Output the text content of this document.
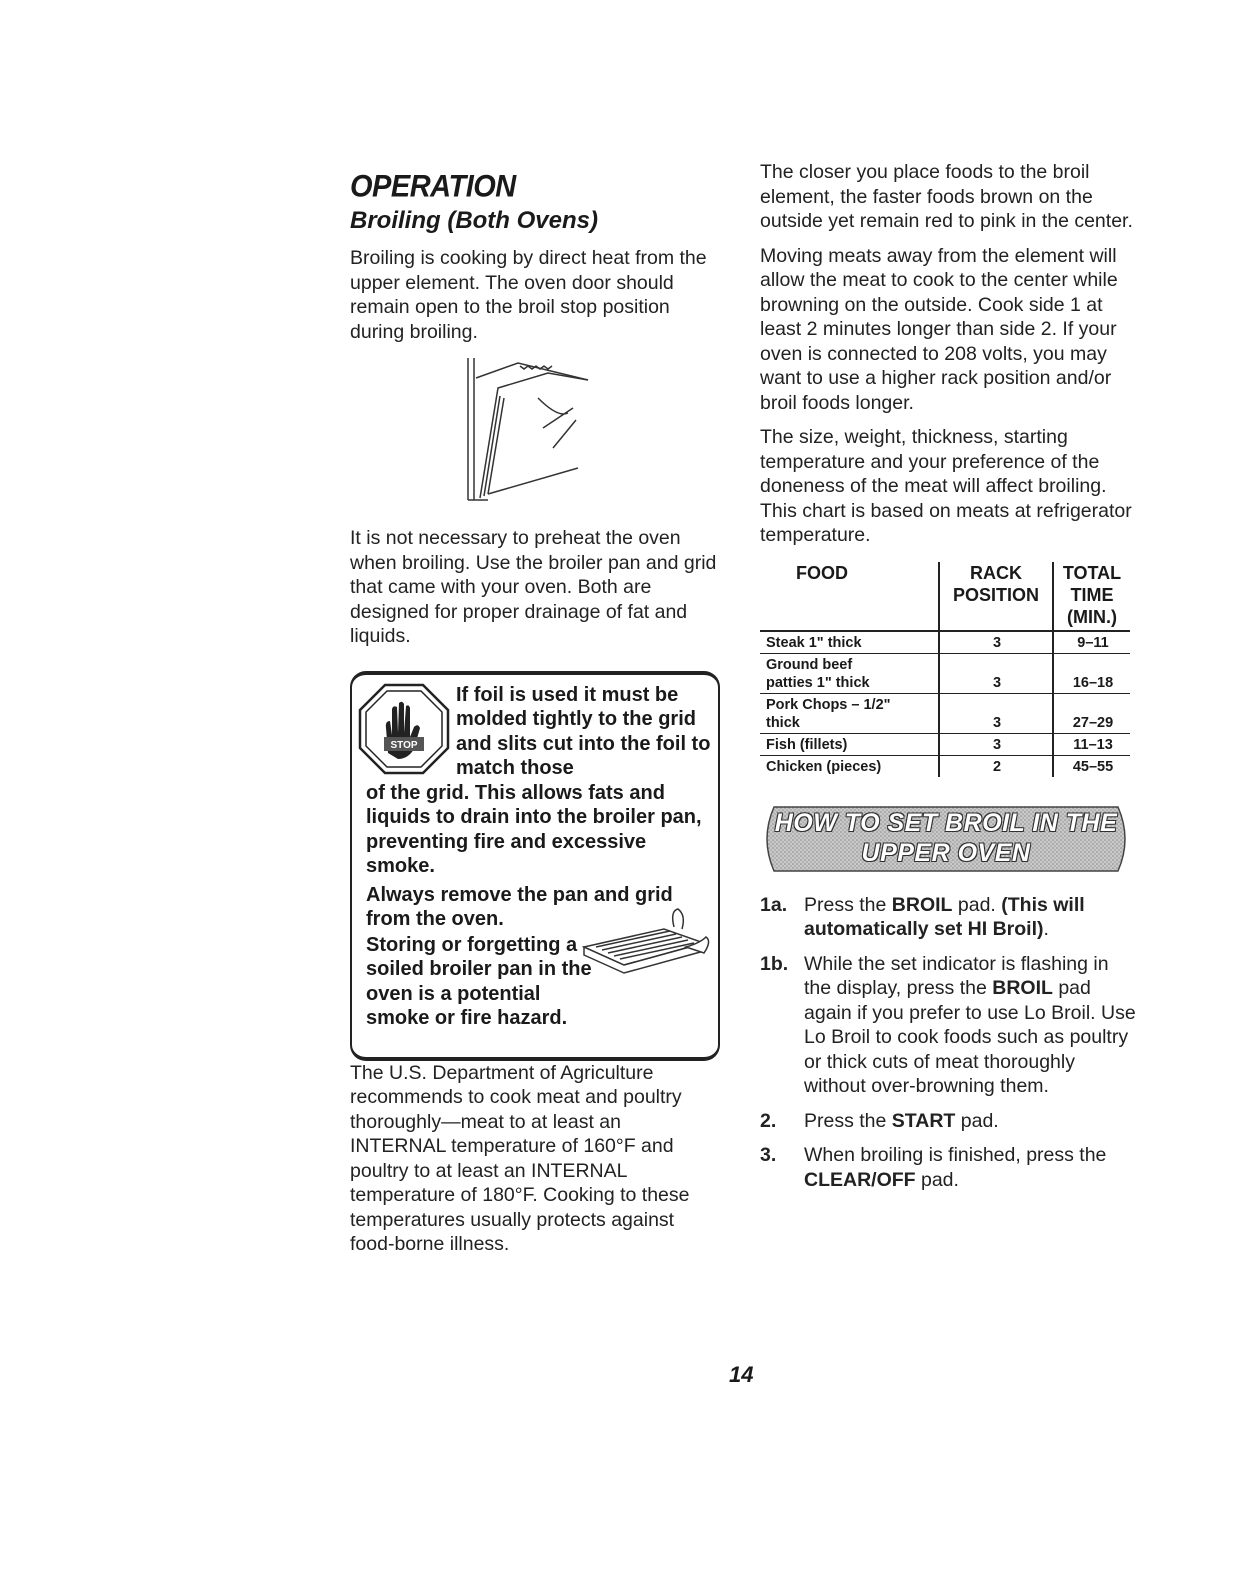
OPERATION
Broiling (Both Ovens)

Broiling is cooking by direct heat from the upper element. The oven door should remain open to the broil stop position during broiling.

It is not necessary to preheat the oven when broiling. Use the broiler pan and grid that came with your oven. Both are designed for proper drainage of fat and liquids.

STOP
If foil is used it must be molded tightly to the grid and slits cut into the foil to match those
of the grid. This allows fats and liquids to drain into the broiler pan, preventing fire and excessive smoke.
Always remove the pan and grid from the oven.
Storing or forgetting a soiled broiler pan in the oven is a potential smoke or fire hazard.

The U.S. Department of Agriculture recommends to cook meat and poultry thoroughly—meat to at least an INTERNAL temperature of 160°F and poultry to at least an INTERNAL temperature of 180°F. Cooking to these temperatures usually protects against food-borne illness.

The closer you place foods to the broil element, the faster foods brown on the outside yet remain red to pink in the center.

Moving meats away from the element will allow the meat to cook to the center while browning on the outside. Cook side 1 at least 2 minutes longer than side 2. If your oven is connected to 208 volts, you may want to use a higher rack position and/or broil foods longer.

The size, weight, thickness, starting temperature and your preference of the doneness of the meat will affect broiling. This chart is based on meats at refrigerator temperature.

FOOD	RACK POSITION	TOTAL TIME (MIN.)
Steak 1" thick	3	9–11
Ground beef patties 1" thick	3	16–18
Pork Chops – 1/2" thick	3	27–29
Fish (fillets)	3	11–13
Chicken (pieces)	2	45–55
HOW TO SET BROIL IN THE
UPPER OVEN
1a. Press the BROIL pad. (This will automatically set HI Broil).
1b. While the set indicator is flashing in the display, press the BROIL pad again if you prefer to use Lo Broil. Use Lo Broil to cook foods such as poultry or thick cuts of meat thoroughly without over-browning them.
2. Press the START pad.
3. When broiling is finished, press the CLEAR/OFF pad.
14
